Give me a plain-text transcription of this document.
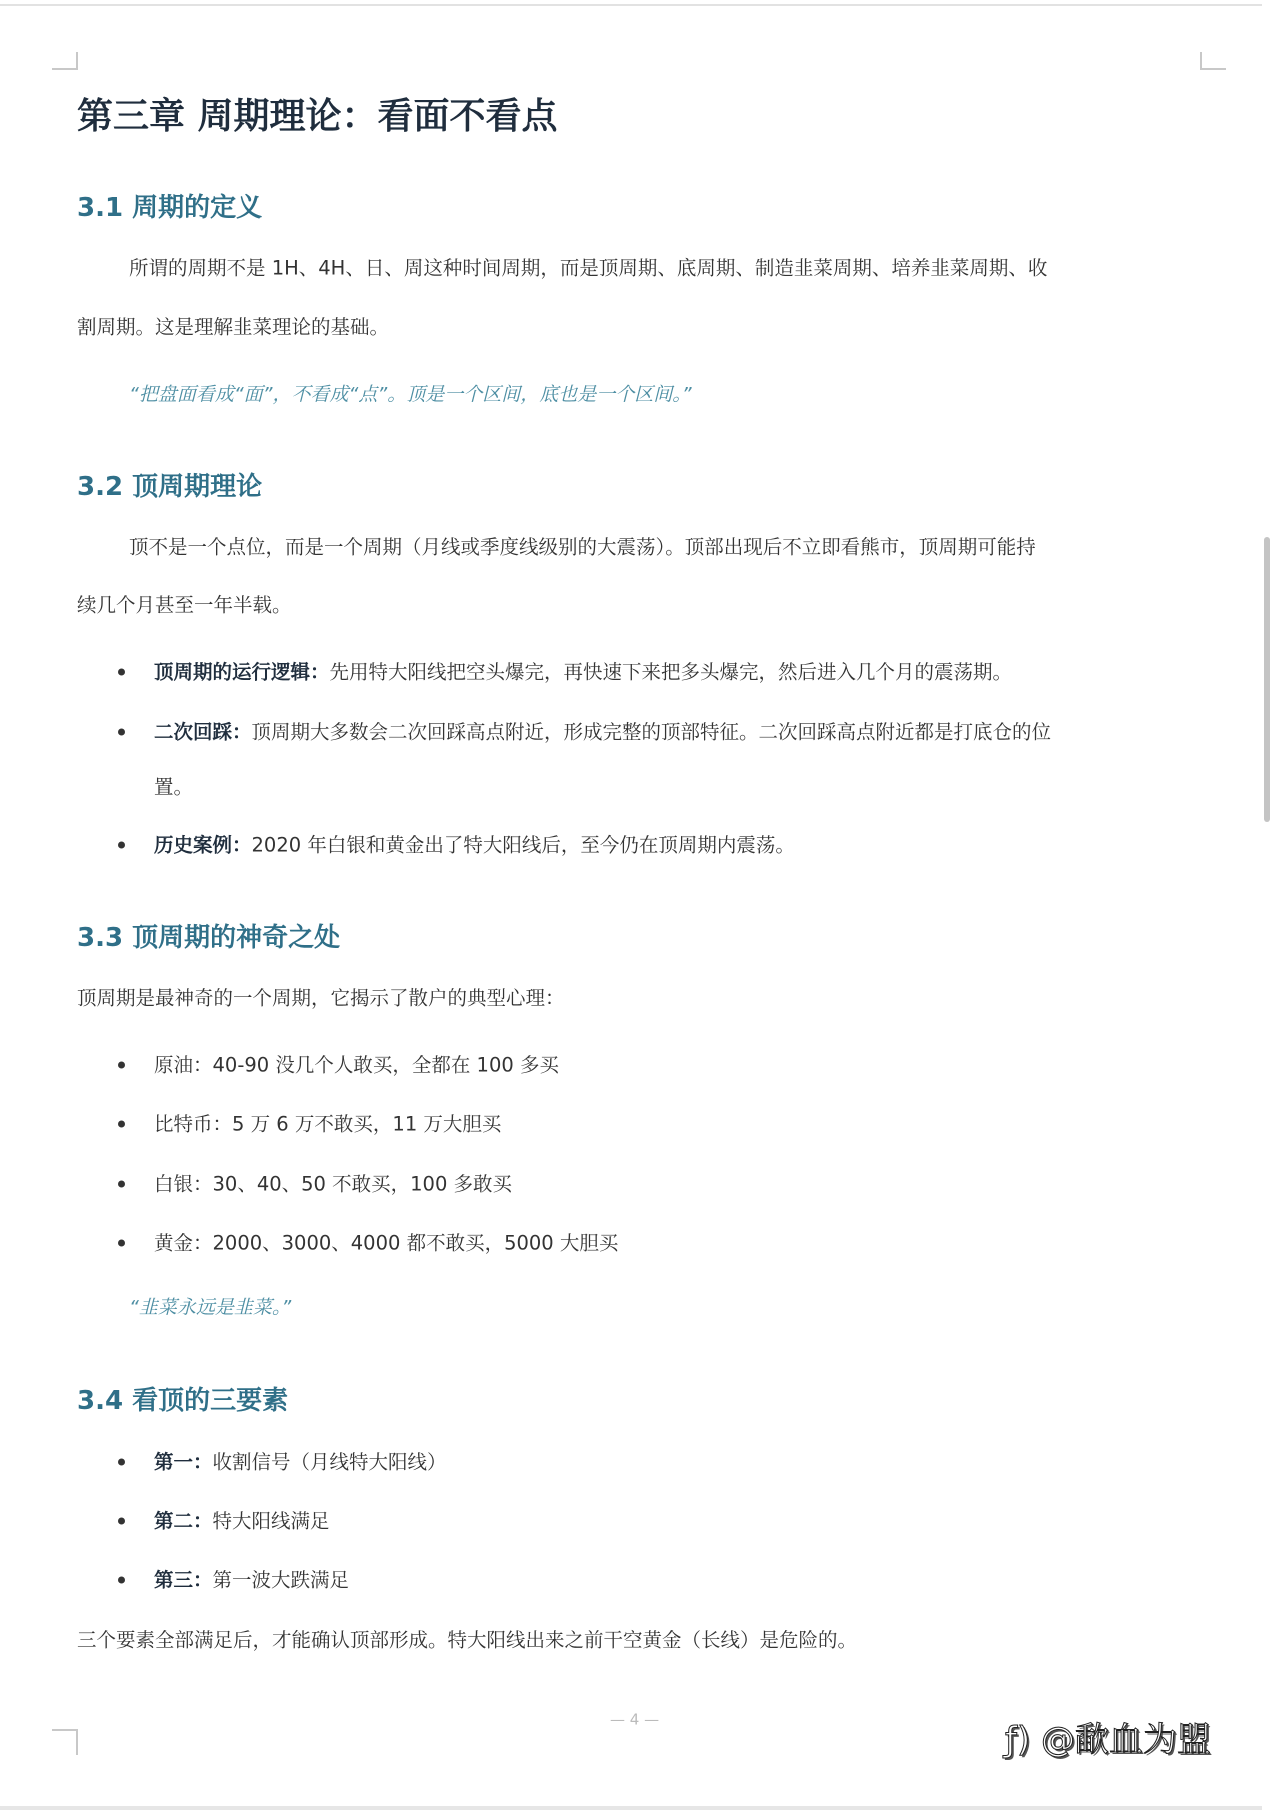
第三章 周期理论：看面不看点
3.1 周期的定义
所谓的周期不是 1H、4H、日、周这种时间周期，而是顶周期、底周期、制造韭菜周期、培养韭菜周期、收
割周期。这是理解韭菜理论的基础。
“把盘面看成“面”，不看成“点”。顶是一个区间，底也是一个区间。”
3.2 顶周期理论
顶不是一个点位，而是一个周期（月线或季度线级别的大震荡）。顶部出现后不立即看熊市，顶周期可能持
续几个月甚至一年半载。
顶周期的运行逻辑：先用特大阳线把空头爆完，再快速下来把多头爆完，然后进入几个月的震荡期。
二次回踩：顶周期大多数会二次回踩高点附近，形成完整的顶部特征。二次回踩高点附近都是打底仓的位
置。
历史案例：2020 年白银和黄金出了特大阳线后，至今仍在顶周期内震荡。
3.3 顶周期的神奇之处
顶周期是最神奇的一个周期，它揭示了散户的典型心理：
原油：40-90 没几个人敢买，全都在 100 多买
比特币：5 万 6 万不敢买，11 万大胆买
白银：30、40、50 不敢买，100 多敢买
黄金：2000、3000、4000 都不敢买，5000 大胆买
“韭菜永远是韭菜。”
3.4 看顶的三要素
第一：收割信号（月线特大阳线）
第二：特大阳线满足
第三：第一波大跌满足
三个要素全部满足后，才能确认顶部形成。特大阳线出来之前干空黄金（长线）是危险的。
— 4 —
ƒ) @歃血为盟
